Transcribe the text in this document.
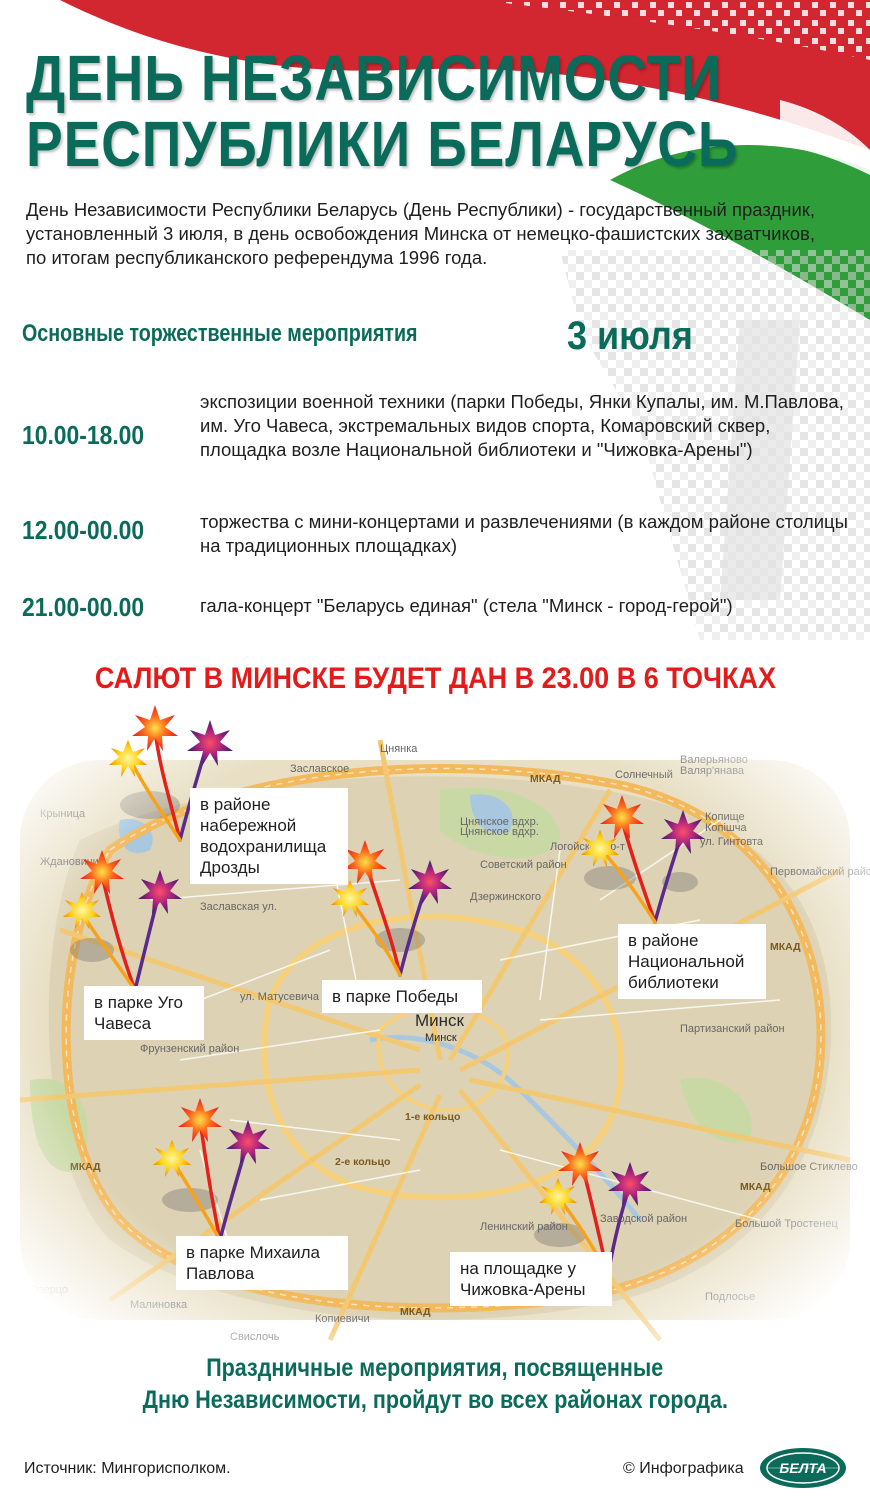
ДЕНЬ НЕЗАВИСИМОСТИ
РЕСПУБЛИКИ БЕЛАРУСЬ

День Независимости Республики Беларусь (День Республики) - государственный праздник, установленный 3 июля, в день освобождения Минска от немецко-фашистских захватчиков, по итогам республиканского референдума 1996 года.

Основные торжественные мероприятия	3 июля
10.00-18.00
экспозиции военной техники (парки Победы, Янки Купалы, им. М.Павлова, им. Уго Чавеса, экстремальных видов спорта, Комаровский сквер, площадка возле Национальной библиотеки и "Чижовка-Арены")
12.00-00.00	торжества с мини-концертами и развлечениями (в каждом районе столицы на традиционных площадках)
21.00-00.00	гала-концерт "Беларусь единая" (стела "Минск - город-герой")
САЛЮТ В МИНСКЕ БУДЕТ ДАН В 23.00 В 6 ТОЧКАХ
в районе набережной водохранилища Дрозды
в парке Уго Чавеса
в парке Победы
в районе Национальной библиотеки
в парке Михаила Павлова	на площадке у Чижовка-Арены
Праздничные мероприятия, посвященные
Дню Независимости, пройдут во всех районах города.
Источник: Мингорисполком.	© Инфографика	БЕЛТА
